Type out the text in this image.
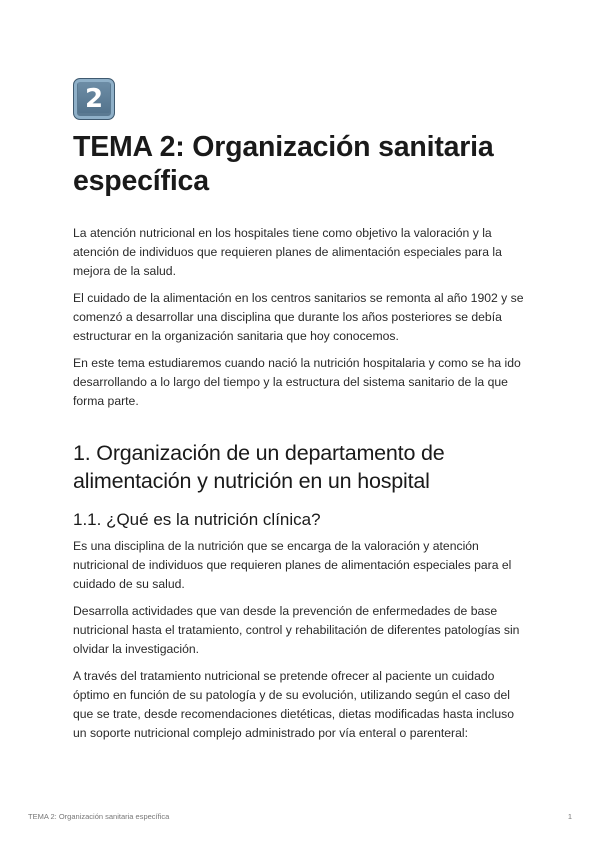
2
TEMA 2: Organización sanitaria específica

La atención nutricional en los hospitales tiene como objetivo la valoración y la atención de individuos que requieren planes de alimentación especiales para la mejora de la salud.

El cuidado de la alimentación en los centros sanitarios se remonta al año 1902 y se comenzó a desarrollar una disciplina que durante los años posteriores se debía estructurar en la organización sanitaria que hoy conocemos.

En este tema estudiaremos cuando nació la nutrición hospitalaria y como se ha ido desarrollando a lo largo del tiempo y la estructura del sistema sanitario de la que forma parte.

1. Organización de un departamento de alimentación y nutrición en un hospital
1.1. ¿Qué es la nutrición clínica?

Es una disciplina de la nutrición que se encarga de la valoración y atención nutricional de individuos que requieren planes de alimentación especiales para el cuidado de su salud.

Desarrolla actividades que van desde la prevención de enfermedades de base nutricional hasta el tratamiento, control y rehabilitación de diferentes patologías sin olvidar la investigación.

A través del tratamiento nutricional se pretende ofrecer al paciente un cuidado óptimo en función de su patología y de su evolución, utilizando según el caso del que se trate, desde recomendaciones dietéticas, dietas modificadas hasta incluso un soporte nutricional complejo administrado por vía enteral o parenteral:

TEMA 2: Organización sanitaria específica	1
